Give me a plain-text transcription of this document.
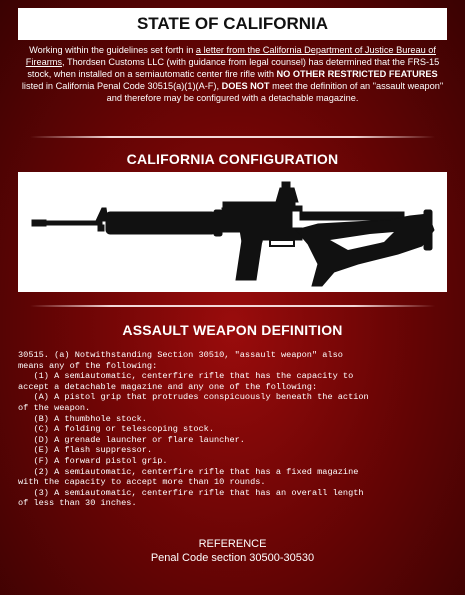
STATE OF CALIFORNIA
Working within the guidelines set forth in a letter from the California Department of Justice Bureau of Firearms, Thordsen Customs LLC (with guidance from legal counsel) has determined that the FRS-15 stock, when installed on a semiautomatic center fire rifle with NO OTHER RESTRICTED FEATURES listed in California Penal Code 30515(a)(1)(A-F), DOES NOT meet the definition of an "assault weapon" and therefore may be configured with a detachable magazine.
CALIFORNIA CONFIGURATION
ASSAULT WEAPON DEFINITION
30515. (a) Notwithstanding Section 30510, "assault weapon" also
means any of the following:
(1) A semiautomatic, centerfire rifle that has the capacity to
accept a detachable magazine and any one of the following:
(A) A pistol grip that protrudes conspicuously beneath the action
of the weapon.
(B) A thumbhole stock.
(C) A folding or telescoping stock.
(D) A grenade launcher or flare launcher.
(E) A flash suppressor.
(F) A forward pistol grip.
(2) A semiautomatic, centerfire rifle that has a fixed magazine
with the capacity to accept more than 10 rounds.
(3) A semiautomatic, centerfire rifle that has an overall length
of less than 30 inches.
REFERENCE
Penal Code section 30500-30530
